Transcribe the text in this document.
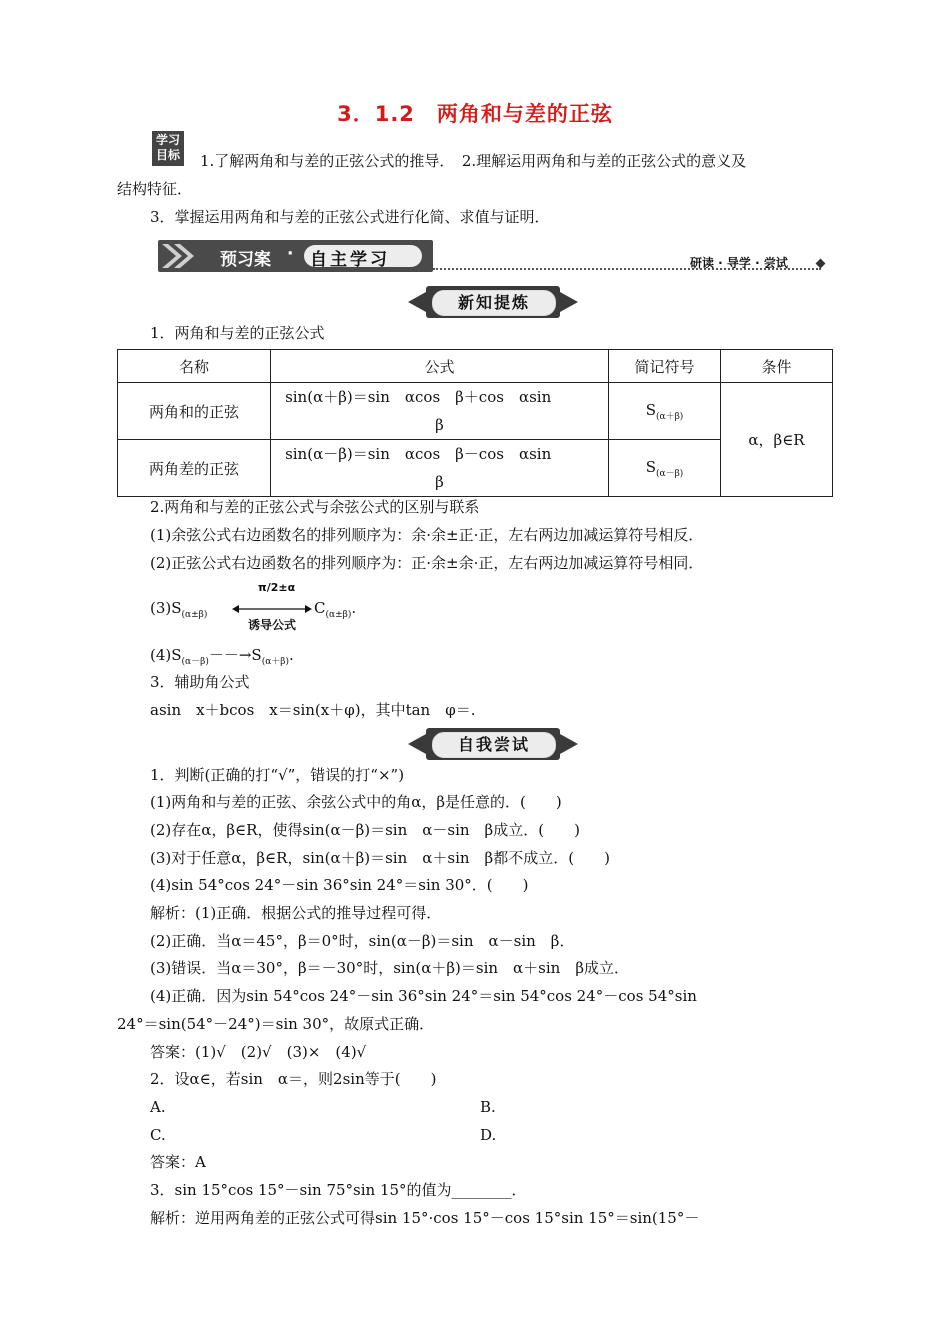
3．1.2　两角和与差的正弦
学习
目标 1.了解两角和与差的正弦公式的推导．　2.理解运用两角和与差的正弦公式的意义及
结构特征．
3．掌握运用两角和与差的正弦公式进行化简、求值与证明．
预习案 · 自主学习	研读 · 导学 · 尝试
新知提炼
1．两角和与差的正弦公式
名称	公式	简记符号	条件
两角和的正弦	sin(α＋β)＝sin　αcos　β＋cos　αsin
β	$S_{(\alpha+\beta)}$	α，β∈R
两角差的正弦	sin(α－β)＝sin　αcos　β－cos　αsin
β	$S_{(\alpha-\beta)}$
2.两角和与差的正弦公式与余弦公式的区别与联系
(1)余弦公式右边函数名的排列顺序为：余·余±正·正，左右两边加减运算符号相反．
(2)正弦公式右边函数名的排列顺序为：正·余±余·正，左右两边加减运算符号相同．
$(3)S_{(\alpha\pm\beta)}$
π/2±α
诱导公式
$C_{(\alpha\pm\beta)}$.
$(4)S_{(\alpha-\beta)}--\to S_{(\alpha+\beta)}$.
3．辅助角公式
asin　x＋bcos　x＝sin(x＋φ)，其中tan　φ＝.
自我尝试
1．判断(正确的打“√”，错误的打“×”)
(1)两角和与差的正弦、余弦公式中的角α，β是任意的．(　　)
(2)存在α，β∈R，使得sin(α－β)＝sin　α－sin　β成立．(　　)
(3)对于任意α，β∈R，sin(α＋β)＝sin　α＋sin　β都不成立．(　　)
(4)sin 54°cos 24°－sin 36°sin 24°＝sin 30°．(　　)
解析：(1)正确．根据公式的推导过程可得．
(2)正确．当α＝45°，β＝0°时，sin(α－β)＝sin　α－sin　β．
(3)错误．当α＝30°，β＝－30°时，sin(α＋β)＝sin　α＋sin　β成立．
(4)正确．因为sin 54°cos 24°－sin 36°sin 24°＝sin 54°cos 24°－cos 54°sin
24°＝sin(54°－24°)＝sin 30°，故原式正确．
答案：(1)√　(2)√　(3)×　(4)√
2．设α∈，若sin　α＝，则2sin等于(　　)
A.	B.
C.	D.
答案：A
3．sin 15°cos 15°－sin 75°sin 15°的值为________．
解析：逆用两角差的正弦公式可得sin 15°·cos 15°－cos 15°sin 15°＝sin(15°－
